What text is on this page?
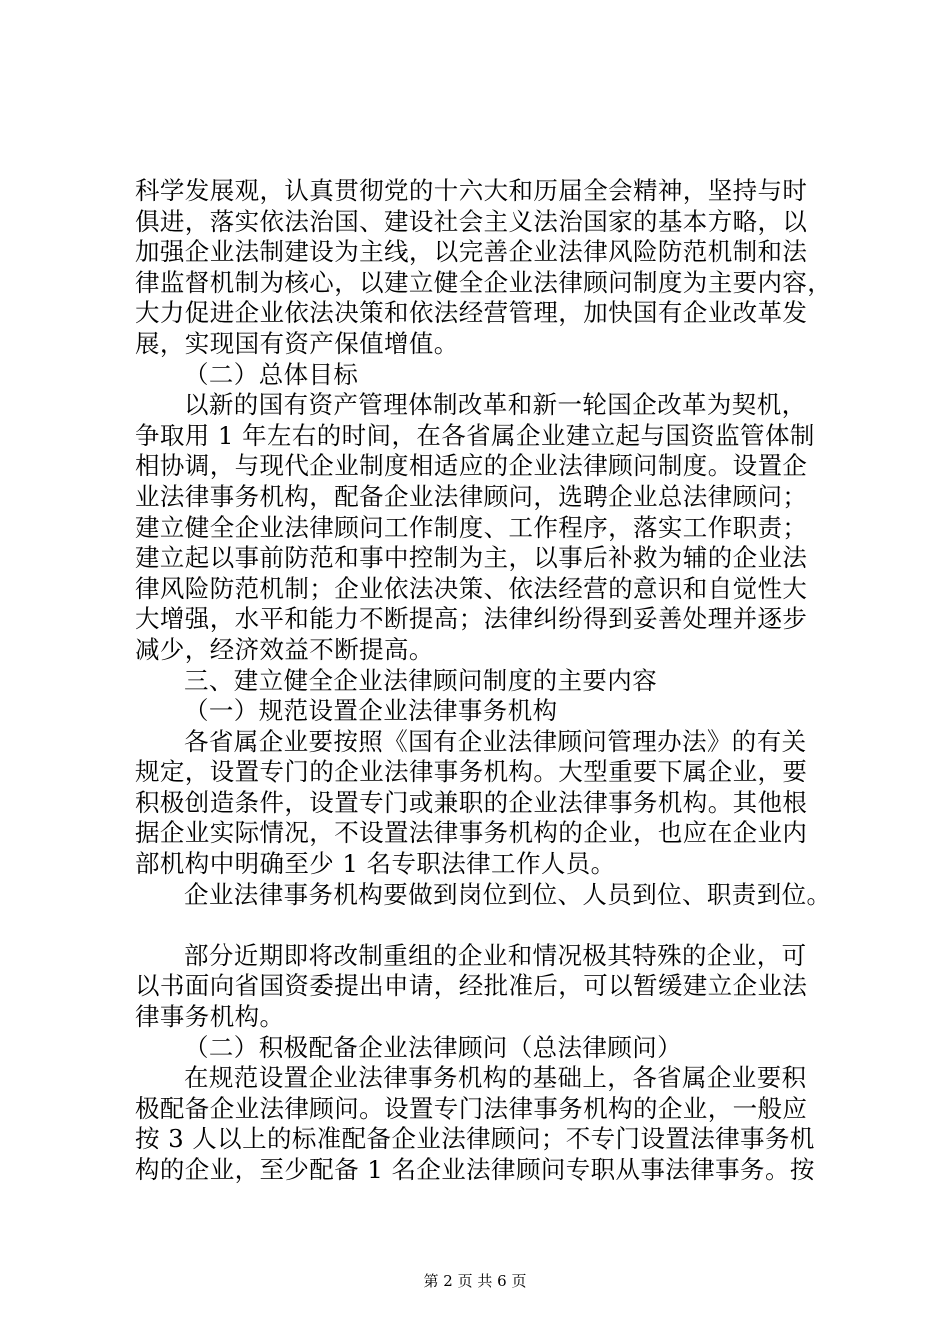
科学发展观，认真贯彻党的十六大和历届全会精神，坚持与时
俱进，落实依法治国、建设社会主义法治国家的基本方略，以
加强企业法制建设为主线，以完善企业法律风险防范机制和法
律监督机制为核心，以建立健全企业法律顾问制度为主要内容，
大力促进企业依法决策和依法经营管理，加快国有企业改革发
展，实现国有资产保值增值。
（二）总体目标
以新的国有资产管理体制改革和新一轮国企改革为契机，
争取用 1 年左右的时间，在各省属企业建立起与国资监管体制
相协调，与现代企业制度相适应的企业法律顾问制度。设置企
业法律事务机构，配备企业法律顾问，选聘企业总法律顾问；
建立健全企业法律顾问工作制度、工作程序，落实工作职责；
建立起以事前防范和事中控制为主，以事后补救为辅的企业法
律风险防范机制；企业依法决策、依法经营的意识和自觉性大
大增强，水平和能力不断提高；法律纠纷得到妥善处理并逐步
减少，经济效益不断提高。
三、建立健全企业法律顾问制度的主要内容
（一）规范设置企业法律事务机构
各省属企业要按照《国有企业法律顾问管理办法》的有关
规定，设置专门的企业法律事务机构。大型重要下属企业，要
积极创造条件，设置专门或兼职的企业法律事务机构。其他根
据企业实际情况，不设置法律事务机构的企业，也应在企业内
部机构中明确至少 1 名专职法律工作人员。
企业法律事务机构要做到岗位到位、人员到位、职责到位。
部分近期即将改制重组的企业和情况极其特殊的企业，可
以书面向省国资委提出申请，经批准后，可以暂缓建立企业法
律事务机构。
（二）积极配备企业法律顾问（总法律顾问）
在规范设置企业法律事务机构的基础上，各省属企业要积
极配备企业法律顾问。设置专门法律事务机构的企业，一般应
按 3 人以上的标准配备企业法律顾问；不专门设置法律事务机
构的企业，至少配备 1 名企业法律顾问专职从事法律事务。按
第 2 页 共 6 页
